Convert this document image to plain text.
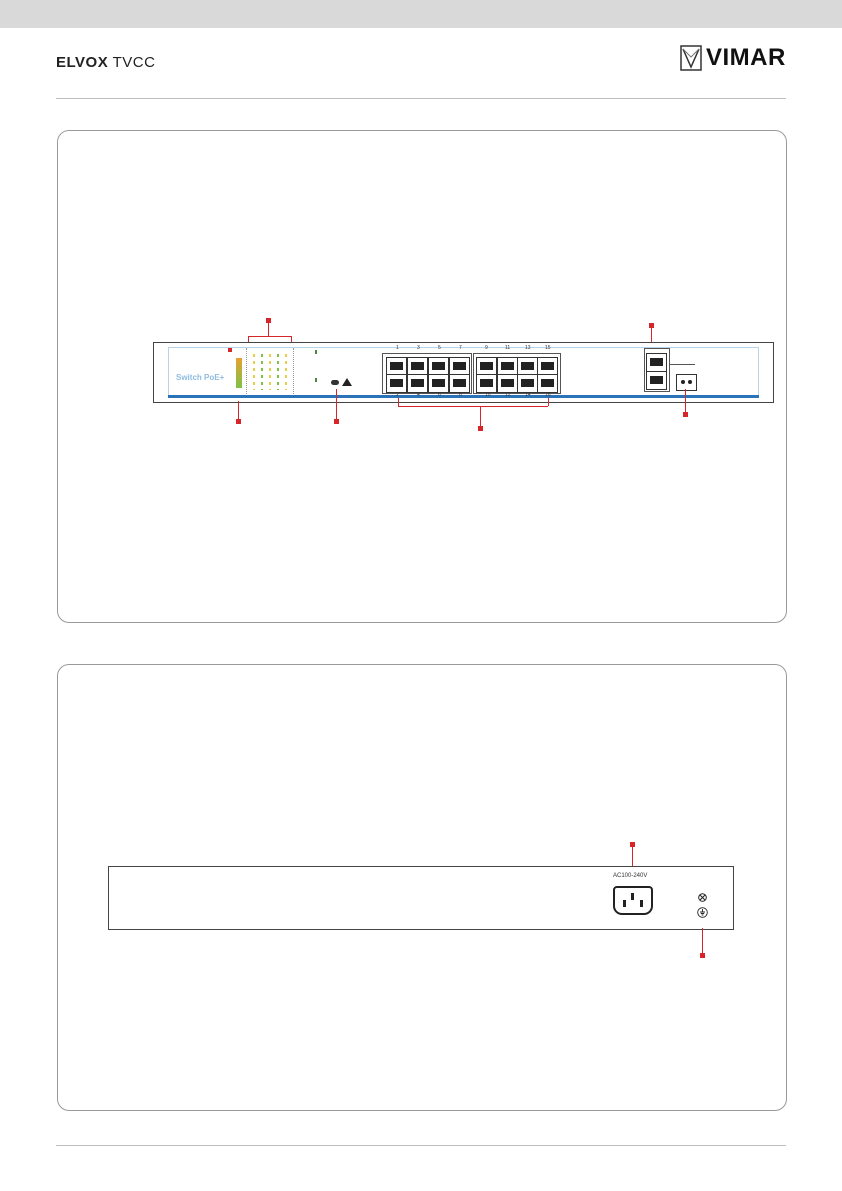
ELVOX TVCC	VIMAR
Switch PoE+
1	3	5	7	9	11	13	15
2	4	6	8	10	12	14	16
AC100-240V
